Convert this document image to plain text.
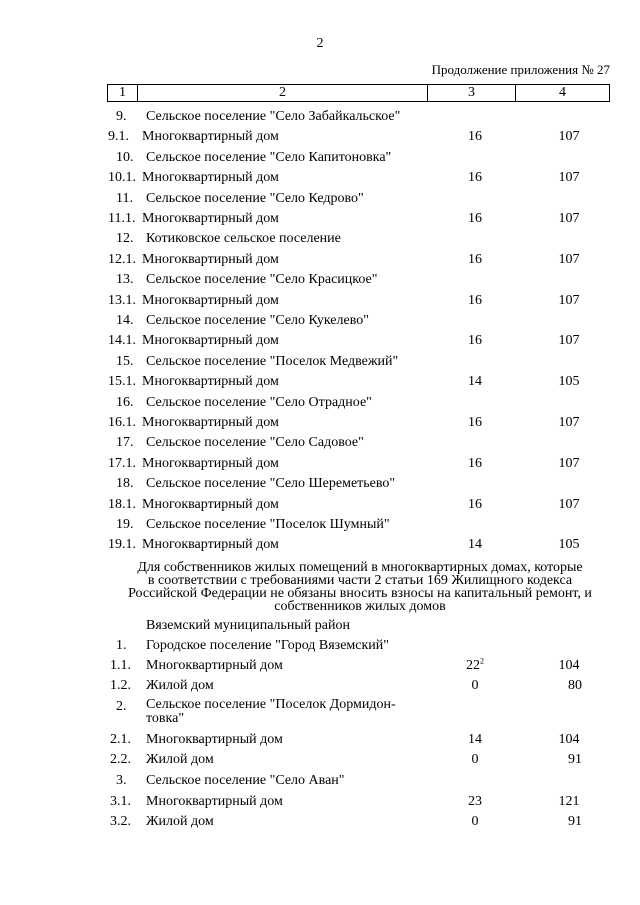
2
Продолжение приложения № 27
1	2	3	4
9. Сельское поселение "Село Забайкальское"
9.1. Многоквартирный дом	16	107
10. Сельское поселение "Село Капитоновка"
10.1. Многоквартирный дом	16	107
11. Сельское поселение "Село Кедрово"
11.1. Многоквартирный дом	16	107
12. Котиковское сельское поселение
12.1. Многоквартирный дом	16	107
13. Сельское поселение "Село Красицкое"
13.1. Многоквартирный дом	16	107
14. Сельское поселение "Село Кукелево"
14.1. Многоквартирный дом	16	107
15. Сельское поселение "Поселок Медвежий"
15.1. Многоквартирный дом	14	105
16. Сельское поселение "Село Отрадное"
16.1. Многоквартирный дом	16	107
17. Сельское поселение "Село Садовое"
17.1. Многоквартирный дом	16	107
18. Сельское поселение "Село Шереметьево"
18.1. Многоквартирный дом	16	107
19. Сельское поселение "Поселок Шумный"
19.1. Многоквартирный дом	14	105
Для собственников жилых помещений в многоквартирных домах, которые
в соответствии с требованиями части 2 статьи 169 Жилищного кодекса
Российской Федерации не обязаны вносить взносы на капитальный ремонт, и
собственников жилых домов
Вяземский муниципальный район
1. Городское поселение "Город Вяземский"
1.1. Многоквартирный дом	$22^2$	104
1.2. Жилой дом	0	80
2. Сельское поселение "Поселок Дормидон-товка"
2.1. Многоквартирный дом	14	104
2.2. Жилой дом	0	91
3. Сельское поселение "Село Аван"
3.1. Многоквартирный дом	23	121
3.2. Жилой дом	0	91
